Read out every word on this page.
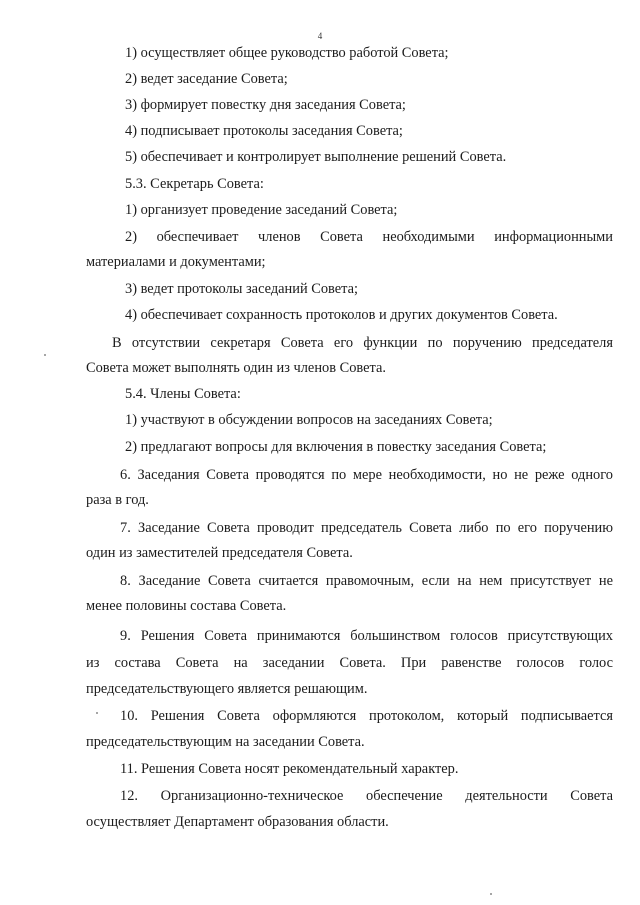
4
1) осуществляет общее руководство работой Совета;
2) ведет заседание Совета;
3) формирует повестку дня заседания Совета;
4) подписывает протоколы заседания Совета;
5) обеспечивает и контролирует выполнение решений Совета.
5.3. Секретарь Совета:
1) организует проведение заседаний Совета;
2) обеспечивает членов Совета необходимыми информационными
материалами и документами;
3) ведет протоколы заседаний Совета;
4) обеспечивает сохранность протоколов и других документов Совета.
В отсутствии секретаря Совета его функции по поручению председателя
Совета может выполнять один из членов Совета.
5.4. Члены Совета:
1) участвуют в обсуждении вопросов на заседаниях Совета;
2) предлагают вопросы для включения в повестку заседания Совета;
6. Заседания Совета проводятся по мере необходимости, но не реже одного
раза в год.
7. Заседание Совета проводит председатель Совета либо по его поручению
один из заместителей председателя Совета.
8. Заседание Совета считается правомочным, если на нем присутствует не
менее половины состава Совета.
9. Решения Совета принимаются большинством голосов присутствующих
из состава Совета на заседании Совета. При равенстве голосов голос
председательствующего является решающим.
10. Решения Совета оформляются протоколом, который подписывается
председательствующим на заседании Совета.
11. Решения Совета носят рекомендательный характер.
12. Организационно-техническое обеспечение деятельности Совета
осуществляет Департамент образования области.
